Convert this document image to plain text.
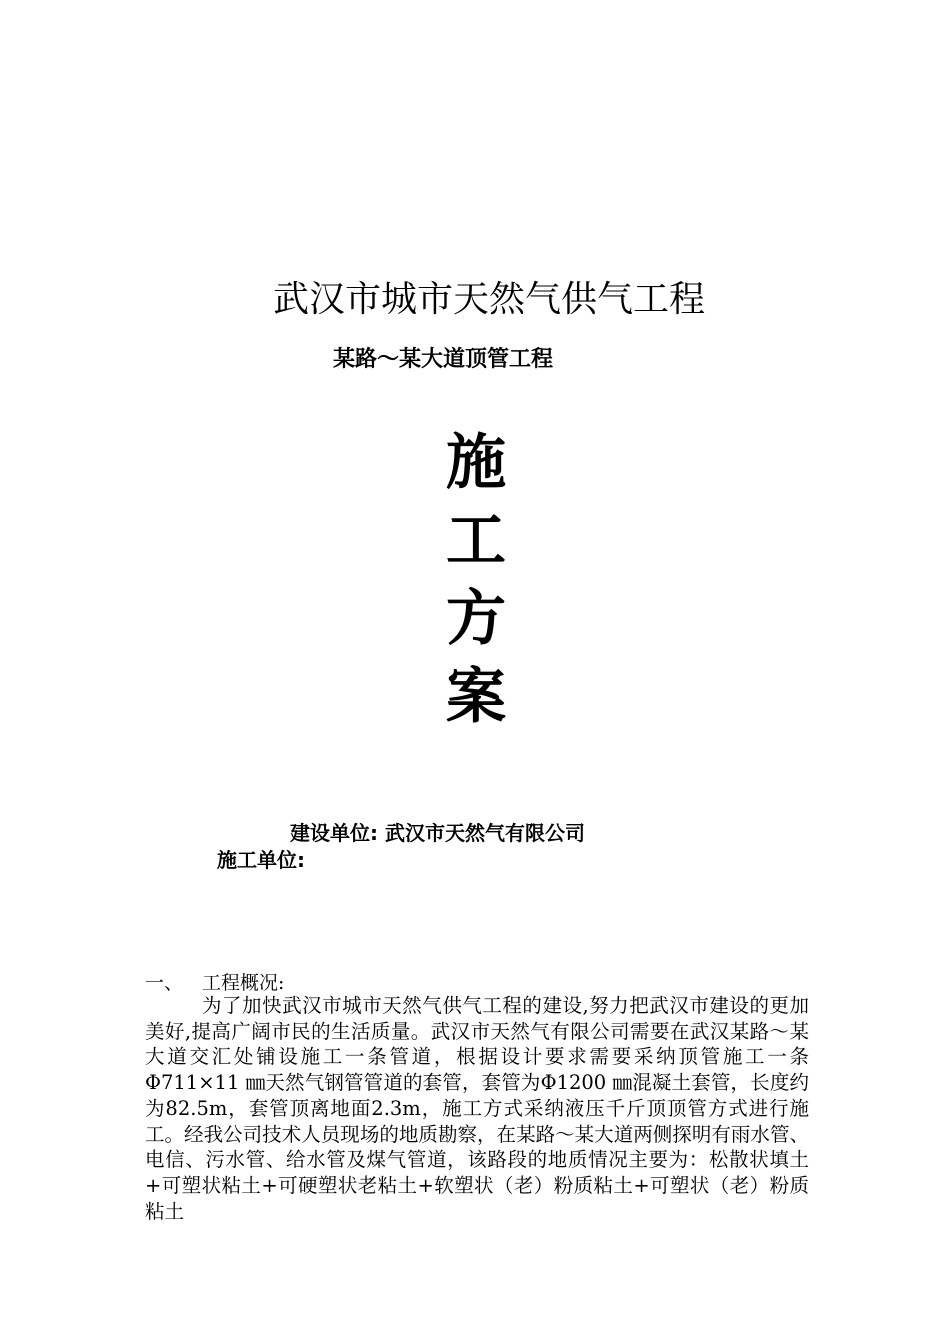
武汉市城市天然气供气工程
某路～某大道顶管工程
施
工
方
案
建设单位: 武汉市天然气有限公司
施工单位:
一、 工程概况:

为了加快武汉市城市天然气供气工程的建设,努力把武汉市建设的更加美好,提高广阔市民的生活质量。武汉市天然气有限公司需要在武汉某路～某大道交汇处铺设施工一条管道，根据设计要求需要采纳顶管施工一条 Φ711×11 ㎜天然气钢管管道的套管，套管为Φ1200 ㎜混凝土套管，长度约为82.5m，套管顶离地面2.3m，施工方式采纳液压千斤顶顶管方式进行施工。经我公司技术人员现场的地质勘察，在某路～某大道两侧探明有雨水管、电信、污水管、给水管及煤气管道，该路段的地质情况主要为：松散状填土+可塑状粘土+可硬塑状老粘土+软塑状（老）粉质粘土+可塑状（老）粉质粘土
